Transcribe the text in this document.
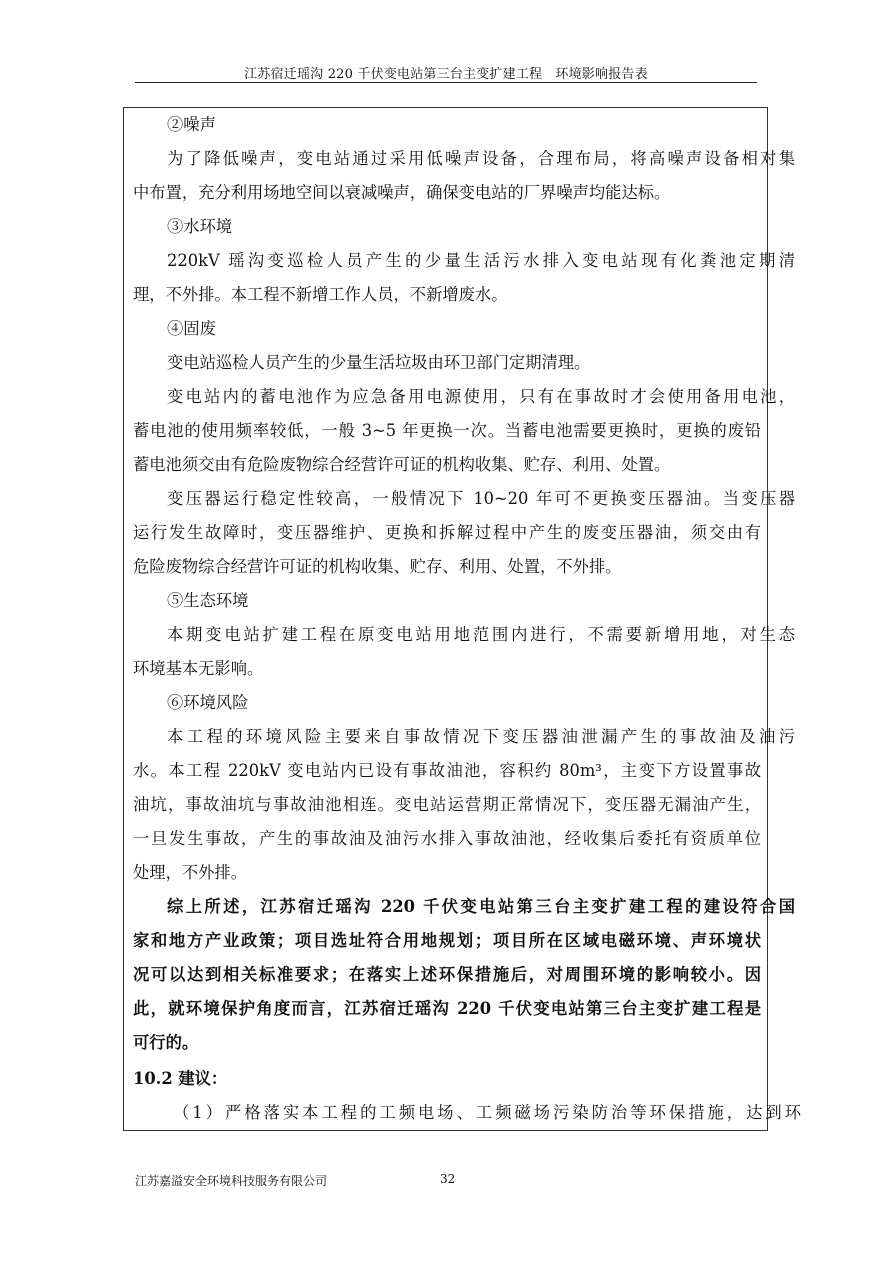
江苏宿迁瑶沟 220 千伏变电站第三台主变扩建工程　环境影响报告表
②噪声
为了降低噪声，变电站通过采用低噪声设备，合理布局，将高噪声设备相对集
中布置，充分利用场地空间以衰减噪声，确保变电站的厂界噪声均能达标。
③水环境
220kV 瑶沟变巡检人员产生的少量生活污水排入变电站现有化粪池定期清
理，不外排。本工程不新增工作人员，不新增废水。
④固废
变电站巡检人员产生的少量生活垃圾由环卫部门定期清理。
变电站内的蓄电池作为应急备用电源使用，只有在事故时才会使用备用电池，
蓄电池的使用频率较低，一般 3~5 年更换一次。当蓄电池需要更换时，更换的废铅
蓄电池须交由有危险废物综合经营许可证的机构收集、贮存、利用、处置。
变压器运行稳定性较高，一般情况下 10~20 年可不更换变压器油。当变压器
运行发生故障时，变压器维护、更换和拆解过程中产生的废变压器油，须交由有
危险废物综合经营许可证的机构收集、贮存、利用、处置，不外排。
⑤生态环境
本期变电站扩建工程在原变电站用地范围内进行，不需要新增用地，对生态
环境基本无影响。
⑥环境风险
本工程的环境风险主要来自事故情况下变压器油泄漏产生的事故油及油污
水。本工程 220kV 变电站内已设有事故油池，容积约 80m³，主变下方设置事故
油坑，事故油坑与事故油池相连。变电站运营期正常情况下，变压器无漏油产生，
一旦发生事故，产生的事故油及油污水排入事故油池，经收集后委托有资质单位
处理，不外排。
综上所述，江苏宿迁瑶沟 220 千伏变电站第三台主变扩建工程的建设符合国
家和地方产业政策；项目选址符合用地规划；项目所在区域电磁环境、声环境状
况可以达到相关标准要求；在落实上述环保措施后，对周围环境的影响较小。因
此，就环境保护角度而言，江苏宿迁瑶沟 220 千伏变电站第三台主变扩建工程是
可行的。
10.2 建议：
（1）严格落实本工程的工频电场、工频磁场污染防治等环保措施，达到环
江苏嘉溢安全环境科技服务有限公司	32
